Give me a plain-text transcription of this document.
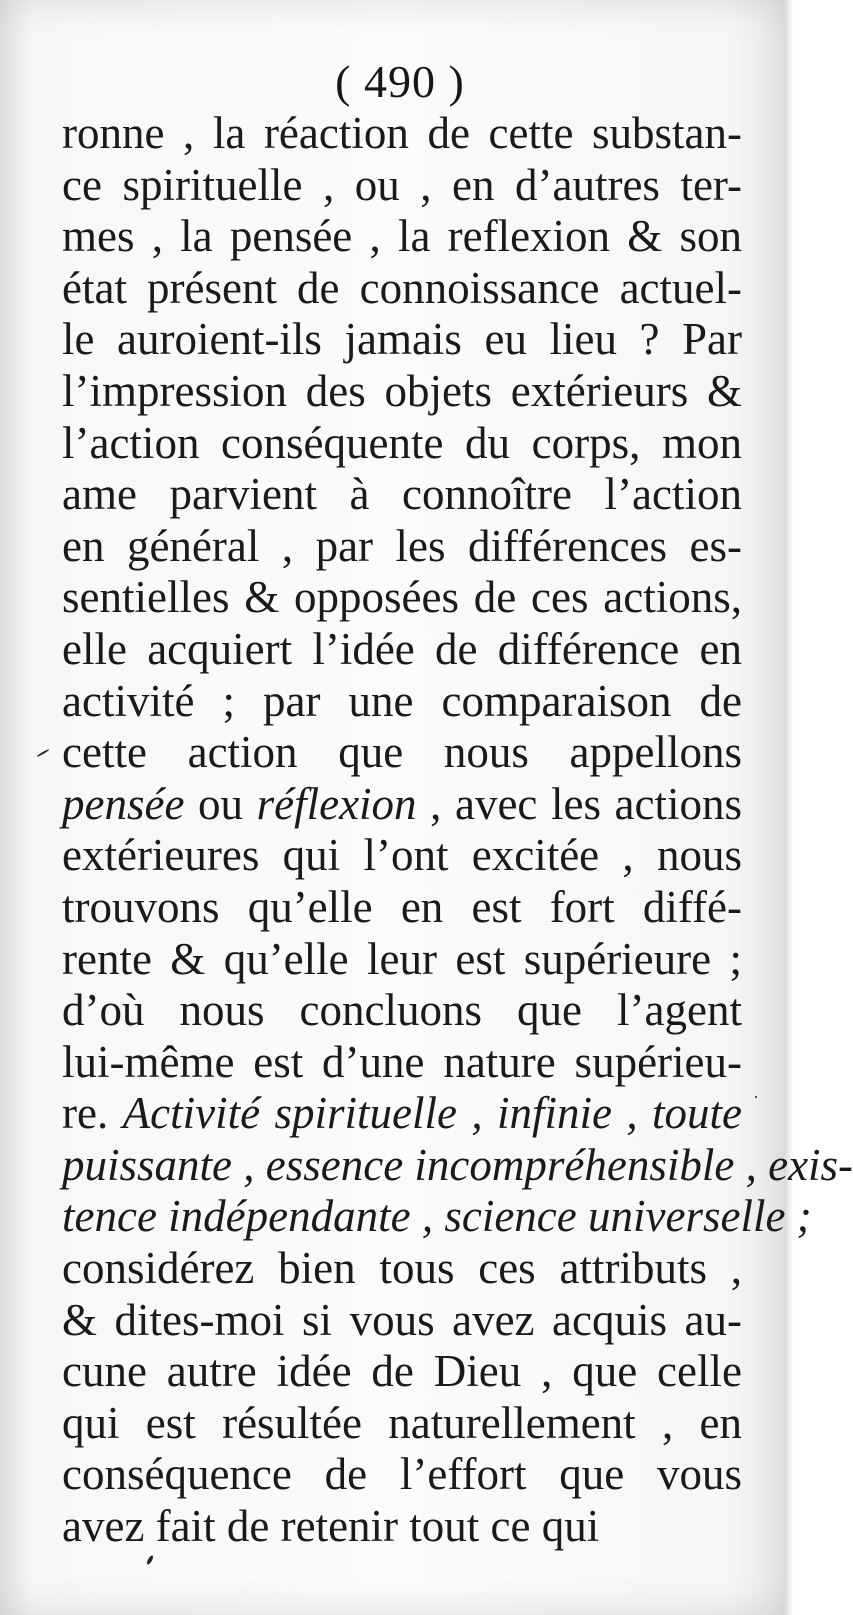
( 490 )
ronne , la réaction de cette substan-
ce spirituelle , ou , en d’autres ter-
mes , la pensée , la reflexion & son
état présent de connoissance actuel-
le auroient-ils jamais eu lieu ? Par
l’impression des objets extérieurs &
l’action conséquente du corps, mon
ame parvient à connoître l’action
en général , par les différences es-
sentielles & opposées de ces actions,
elle acquiert l’idée de différence en
activité ; par une comparaison de
cette action que nous appellons
pensée ou réflexion , avec les actions
extérieures qui l’ont excitée , nous
trouvons qu’elle en est fort diffé-
rente & qu’elle leur est supérieure ;
d’où nous concluons que l’agent
lui-même est d’une nature supérieu-
re. Activité spirituelle , infinie , toute
puissante , essence incompréhensible , exis-
tence indépendante , science universelle ;
considérez bien tous ces attributs ,
& dites-moi si vous avez acquis au-
cune autre idée de Dieu , que celle
qui est résultée naturellement , en
conséquence de l’effort que vous
avez fait de retenir tout ce qui
